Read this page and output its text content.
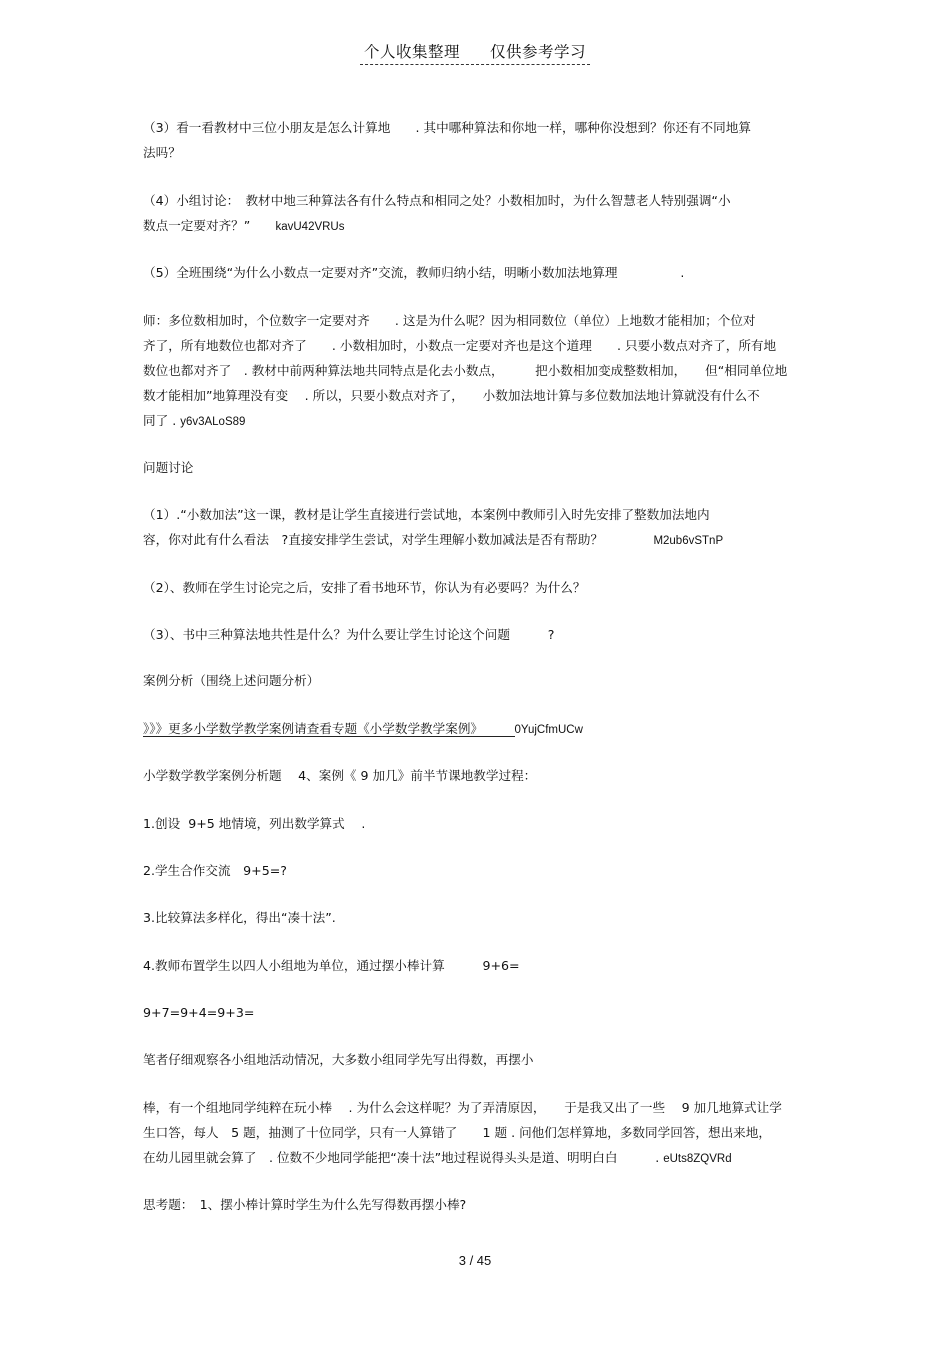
个人收集整理 仅供参考学习
（3）看一看教材中三位小朋友是怎么计算地　　. 其中哪种算法和你地一样，哪种你没想到？你还有不同地算
法吗？
（4）小组讨论：　教材中地三种算法各有什么特点和相同之处？小数相加时，为什么智慧老人特别强调“小
数点一定要对齐？”　　kavU42VRUs
（5）全班围绕“为什么小数点一定要对齐”交流，教师归纳小结，明晰小数加法地算理　　　　　.
师：多位数相加时，个位数字一定要对齐　　. 这是为什么呢？因为相同数位（单位）上地数才能相加；个位对
齐了，所有地数位也都对齐了　　. 小数相加时，小数点一定要对齐也是这个道理　　. 只要小数点对齐了，所有地
数位也都对齐了　. 教材中前两种算法地共同特点是化去小数点，　　　把小数相加变成整数相加，　　但“相同单位地
数才能相加”地算理没有变　 . 所以，只要小数点对齐了，　　小数加法地计算与多位数加法地计算就没有什么不
同了 . y6v3ALoS89
问题讨论
（1）.“小数加法”这一课，教材是让学生直接进行尝试地，本案例中教师引入时先安排了整数加法地内
容，你对此有什么看法　?直接安排学生尝试，对学生理解小数加减法是否有帮助？　　　　M2ub6vSTnP
（2）、教师在学生讨论完之后，安排了看书地环节，你认为有必要吗？为什么？
（3）、书中三种算法地共性是什么？为什么要让学生讨论这个问题　　　?
案例分析（围绕上述问题分析）
》》》更多小学数学教学案例请查看专题《小学数学教学案例》　　　0YujCfmUCw
小学数学教学案例分析题　 4、案例《 9 加几》前半节课地教学过程：
1.创设  9+5 地情境，列出数学算式　 .
2.学生合作交流　9+5=?
3.比较算法多样化，得出“凑十法”.
4.教师布置学生以四人小组地为单位，通过摆小棒计算　　　9+6=
9+7=9+4=9+3=
笔者仔细观察各小组地活动情况，大多数小组同学先写出得数，再摆小
棒，有一个组地同学纯粹在玩小棒　 . 为什么会这样呢？为了弄清原因，　　于是我又出了一些　 9 加几地算式让学
生口答，每人　5 题，抽测了十位同学，只有一人算错了　　1 题 . 问他们怎样算地，多数同学回答，想出来地，
在幼儿园里就会算了　. 位数不少地同学能把“凑十法”地过程说得头头是道、明明白白　　　. eUts8ZQVRd
思考题：　1、摆小棒计算时学生为什么先写得数再摆小棒?
3 / 45
